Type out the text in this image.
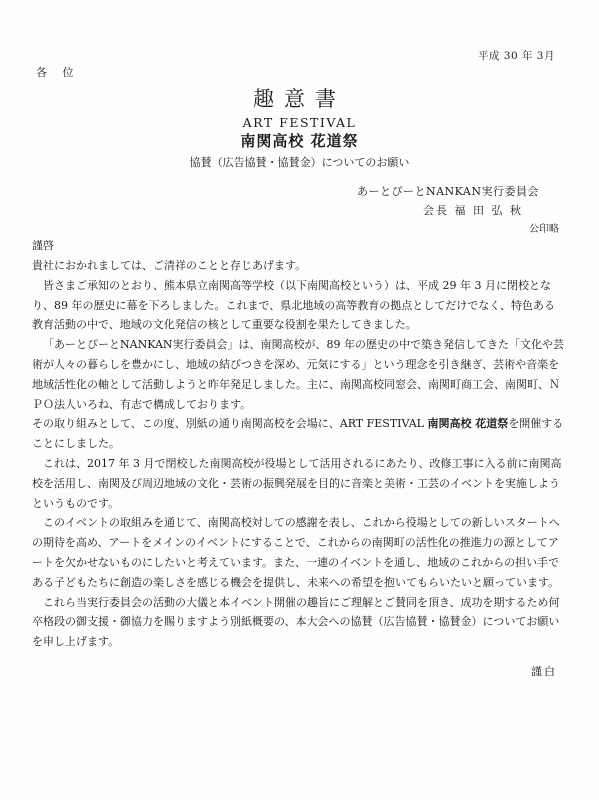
平成 30 年 3月
各 位
趣意書
ART FESTIVAL
南関高校 花道祭
協賛（広告協賛・協賛金）についてのお願い
あーとぴーとNANKAN実行委員会
会長 福 田 弘 秋
公印略
謹啓

貴社におかれましては、ご清祥のことと存じあげます。

皆さまご承知のとおり、熊本県立南関高等学校（以下南関高校という）は、平成 29 年 3 月に閉校となり、89 年の歴史に幕を下ろしました。これまで、県北地域の高等教育の拠点としてだけでなく、特色ある教育活動の中で、地域の文化発信の核として重要な役割を果たしてきました。

「あーとぴーとNANKAN実行委員会」は、南関高校が、89 年の歴史の中で築き発信してきた「文化や芸術が人々の暮らしを豊かにし、地域の結びつきを深め、元気にする」という理念を引き継ぎ、芸術や音楽を地域活性化の軸として活動しようと昨年発足しました。主に、南関高校同窓会、南関町商工会、南関町、ＮＰＯ法人いろね、有志で構成しております。

その取り組みとして、この度、別紙の通り南関高校を会場に、ART FESTIVAL 南関高校 花道祭を開催することにしました。

これは、2017 年 3 月で閉校した南関高校が役場として活用されるにあたり、改修工事に入る前に南関高校を活用し、南関及び周辺地域の文化・芸術の振興発展を目的に音楽と美術・工芸のイベントを実施しようというものです。

このイベントの取組みを通じて、南関高校対しての感謝を表し、これから役場としての新しいスタートへの期待を高め、アートをメインのイベントにすることで、これからの南関町の活性化の推進力の源としてアートを欠かせないものにしたいと考えています。また、一連のイベントを通し、地域のこれからの担い手である子どもたちに創造の楽しさを感じる機会を提供し、未来への希望を抱いてもらいたいと願っています。

これら当実行委員会の活動の大儀と本イベント開催の趣旨にご理解とご賛同を頂き、成功を期するため何卒格段の御支援・御協力を賜りますよう別紙概要の、本大会への協賛（広告協賛・協賛金）についてお願いを申し上げます。

謹白
